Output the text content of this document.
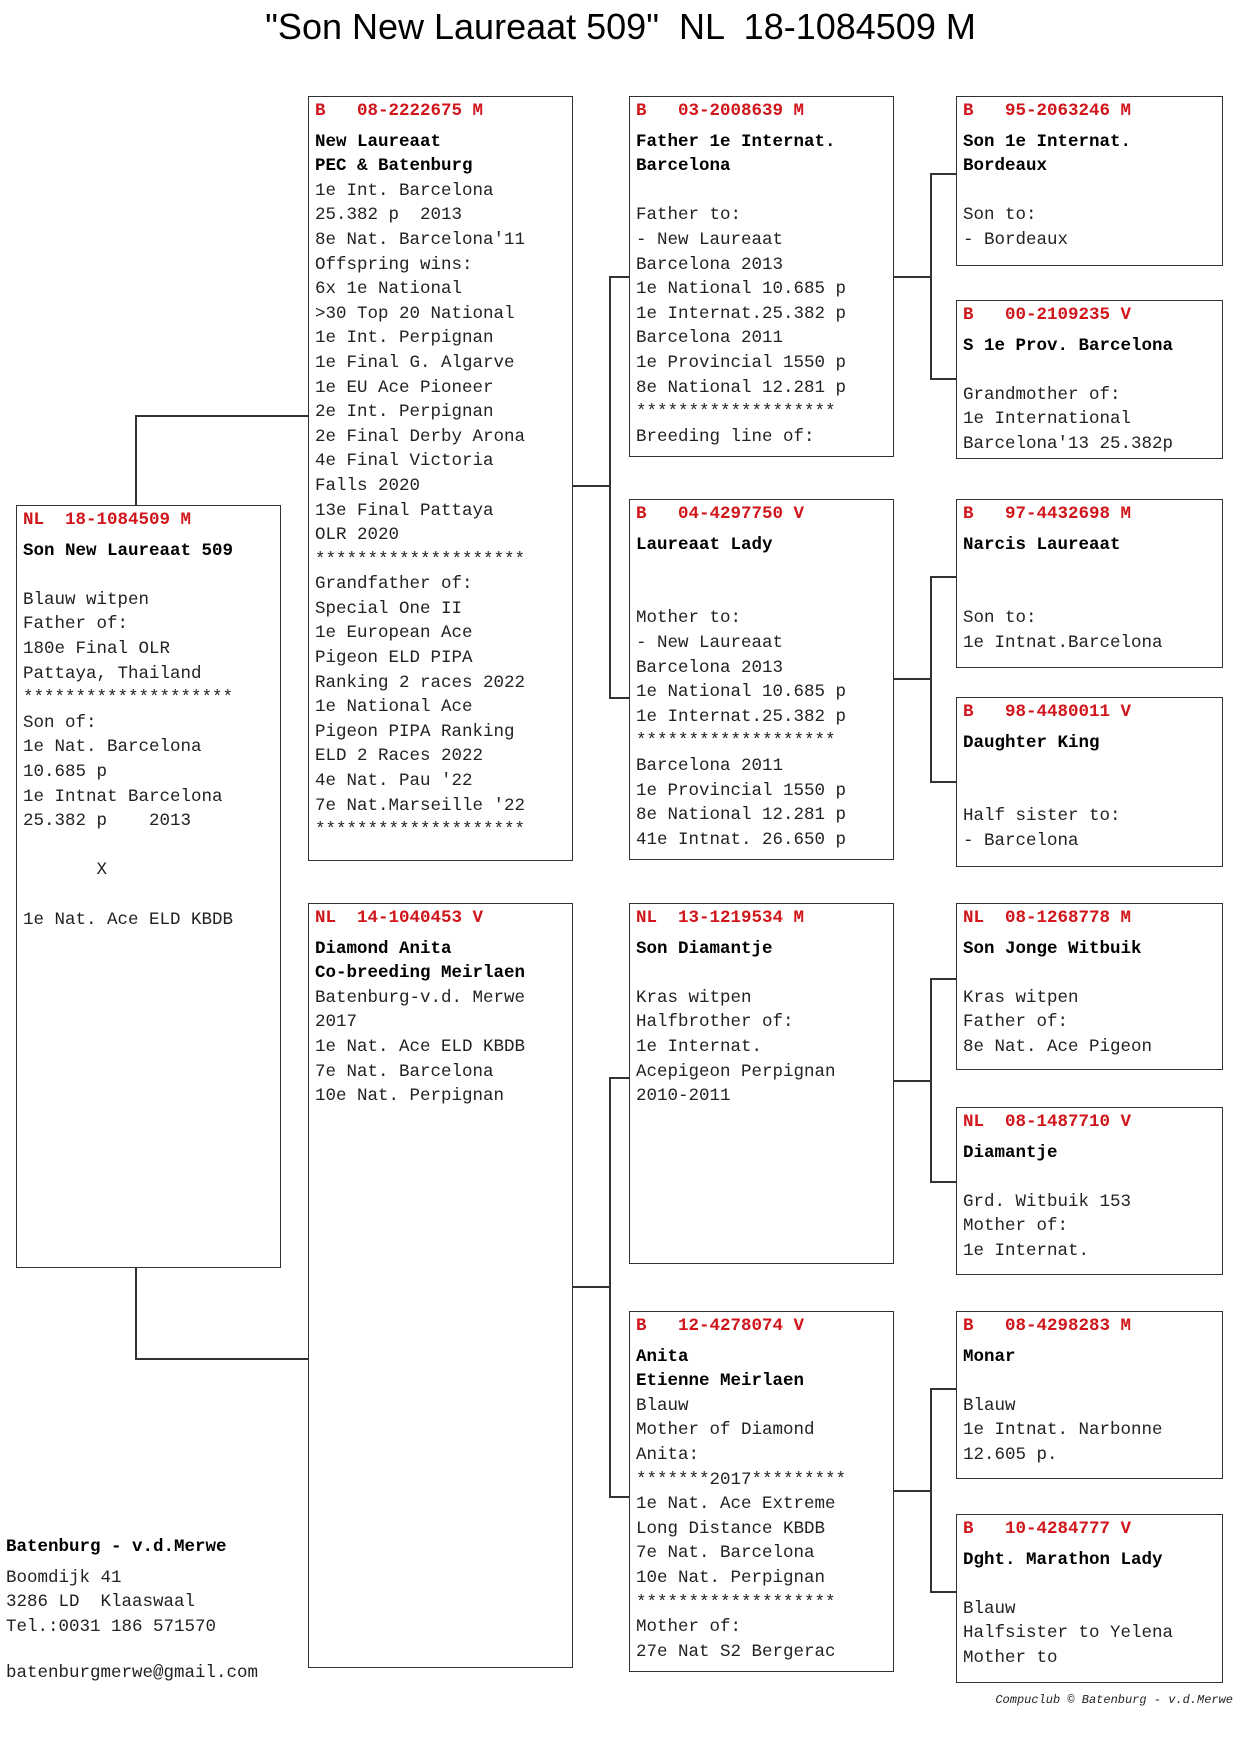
"Son New Laureaat 509"  NL  18-1084509 M
NL  18-1084509 M
Son New Laureaat 509
Blauw witpen
Father of:
180e Final OLR
Pattaya, Thailand
********************
Son of:
1e Nat. Barcelona
10.685 p
1e Intnat Barcelona
25.382 p    2013
X
1e Nat. Ace ELD KBDB
B   08-2222675 M
New Laureaat
PEC & Batenburg
1e Int. Barcelona
25.382 p  2013
8e Nat. Barcelona'11
Offspring wins:
6x 1e National
>30 Top 20 National
1e Int. Perpignan
1e Final G. Algarve
1e EU Ace Pioneer
2e Int. Perpignan
2e Final Derby Arona
4e Final Victoria
Falls 2020
13e Final Pattaya
OLR 2020
********************
Grandfather of:
Special One II
1e European Ace
Pigeon ELD PIPA
Ranking 2 races 2022
1e National Ace
Pigeon PIPA Ranking
ELD 2 Races 2022
4e Nat. Pau '22
7e Nat.Marseille '22
********************
NL  14-1040453 V
Diamond Anita
Co-breeding Meirlaen
Batenburg-v.d. Merwe
2017
1e Nat. Ace ELD KBDB
7e Nat. Barcelona
10e Nat. Perpignan
B   03-2008639 M
Father 1e Internat.
Barcelona
Father to:
- New Laureaat
Barcelona 2013
1e National 10.685 p
1e Internat.25.382 p
Barcelona 2011
1e Provincial 1550 p
8e National 12.281 p
*******************
Breeding line of:
B   04-4297750 V
Laureaat Lady
Mother to:
- New Laureaat
Barcelona 2013
1e National 10.685 p
1e Internat.25.382 p
*******************
Barcelona 2011
1e Provincial 1550 p
8e National 12.281 p
41e Intnat. 26.650 p
NL  13-1219534 M
Son Diamantje
Kras witpen
Halfbrother of:
1e Internat.
Acepigeon Perpignan
2010-2011
B   12-4278074 V
Anita
Etienne Meirlaen
Blauw
Mother of Diamond
Anita:
*******2017*********
1e Nat. Ace Extreme
Long Distance KBDB
7e Nat. Barcelona
10e Nat. Perpignan
*******************
Mother of:
27e Nat S2 Bergerac
B   95-2063246 M
Son 1e Internat.
Bordeaux
Son to:
- Bordeaux
B   00-2109235 V
S 1e Prov. Barcelona
Grandmother of:
1e International
Barcelona'13 25.382p
B   97-4432698 M
Narcis Laureaat
Son to:
1e Intnat.Barcelona
B   98-4480011 V
Daughter King
Half sister to:
- Barcelona
NL  08-1268778 M
Son Jonge Witbuik
Kras witpen
Father of:
8e Nat. Ace Pigeon
NL  08-1487710 V
Diamantje
Grd. Witbuik 153
Mother of:
1e Internat.
B   08-4298283 M
Monar
Blauw
1e Intnat. Narbonne
12.605 p.
B   10-4284777 V
Dght. Marathon Lady
Blauw
Halfsister to Yelena
Mother to
Batenburg - v.d.Merwe
Boomdijk 41
3286 LD  Klaaswaal
Tel.:0031 186 571570
batenburgmerwe@gmail.com
Compuclub © Batenburg - v.d.Merwe
